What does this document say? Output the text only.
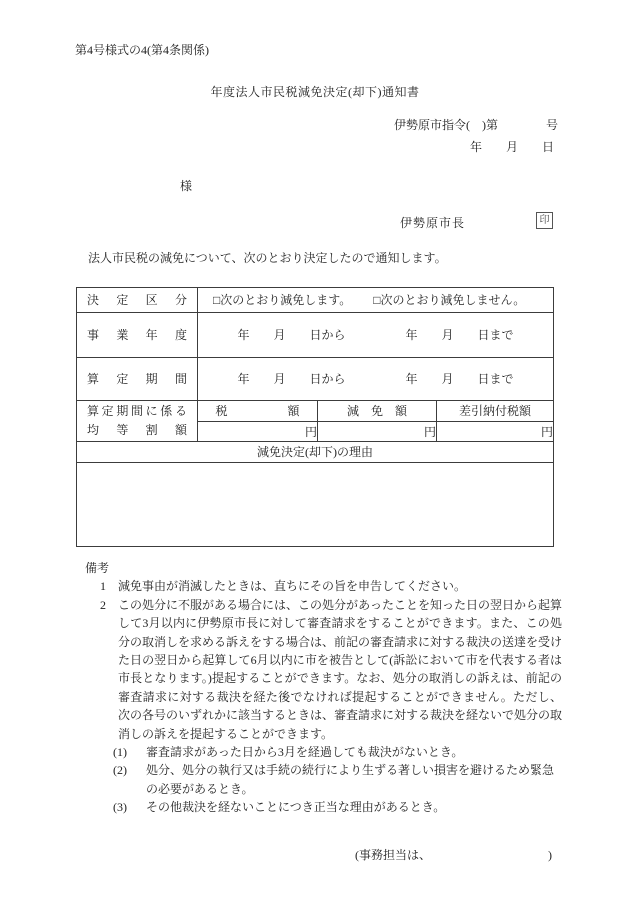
第4号様式の4(第4条関係)
年度法人市民税減免決定(却下)通知書
伊勢原市指令(　)第　　　　号
年　　月　　日
様
伊勢原市長	印
法人市民税の減免について、次のとおり決定したので通知します。
決 定 区 分	□次のとおり減免します。 □次のとおり減免しません。		

事 業 年 度	年　　月　　日から　　　　　年　　月　　日まで		

算 定 期 間	年　　月　　日から　　　　　年　　月　　日まで		

算 定 期 間 に 係 る
均 等 割 額
	税　　　　　額	減　免　額	差引納付税額
	円	円	円
減免決定(却下)の理由			

備考
1	減免事由が消滅したときは、直ちにその旨を申告してください。
2	この処分に不服がある場合には、この処分があったことを知った日の翌日から起算して3月以内に伊勢原市長に対して審査請求をすることができます。また、この処分の取消しを求める訴えをする場合は、前記の審査請求に対する裁決の送達を受けた日の翌日から起算して6月以内に市を被告として(訴訟において市を代表する者は市長となります。)提起することができます。なお、処分の取消しの訴えは、前記の審査請求に対する裁決を経た後でなければ提起することができません。ただし、次の各号のいずれかに該当するときは、審査請求に対する裁決を経ないで処分の取消しの訴えを提起することができます。
(1)	審査請求があった日から3月を経過しても裁決がないとき。
(2)	処分、処分の執行又は手続の続行により生ずる著しい損害を避けるため緊急の必要があるとき。
(3)	その他裁決を経ないことにつき正当な理由があるとき。
(事務担当は、	)
